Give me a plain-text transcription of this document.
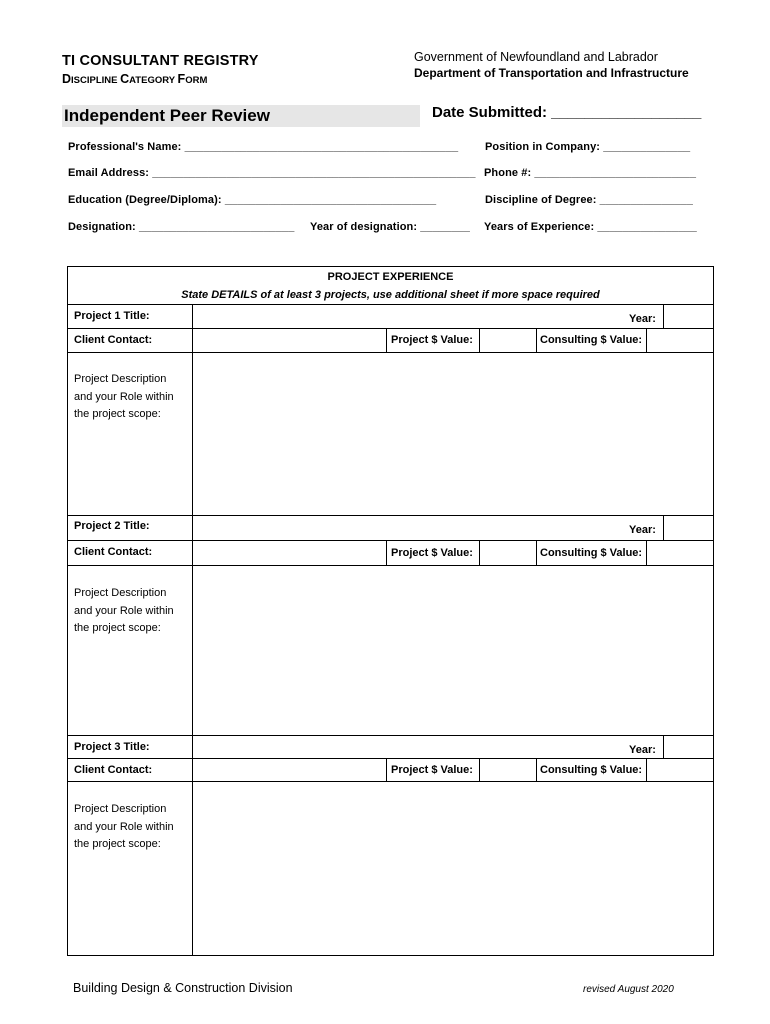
TI CONSULTANT REGISTRY
DISCIPLINE CATEGORY FORM
Government of Newfoundland and Labrador
Department of Transportation and Infrastructure
Independent Peer Review	Date Submitted: __________________
Professional's Name: ____________________________________________ Position in Company: ______________
Email Address: ____________________________________________________ Phone #: __________________________
Education (Degree/Diploma): __________________________________	Discipline of Degree: _______________
Designation: _________________________ Year of designation: ________ Years of Experience: ________________
PROJECT EXPERIENCE
State DETAILS of at least 3 projects, use additional sheet if more space required
Project 1 Title:	Year:
Client Contact:	Project $ Value:	Consulting $ Value:
Project Description and your Role within the project scope:
Project 2 Title:	Year:
Client Contact:	Project $ Value:	Consulting $ Value:
Project Description and your Role within the project scope:
Project 3 Title:	Year:
Client Contact:	Project $ Value:	Consulting $ Value:
Project Description and your Role within the project scope:
Building Design & Construction Division	revised August 2020
